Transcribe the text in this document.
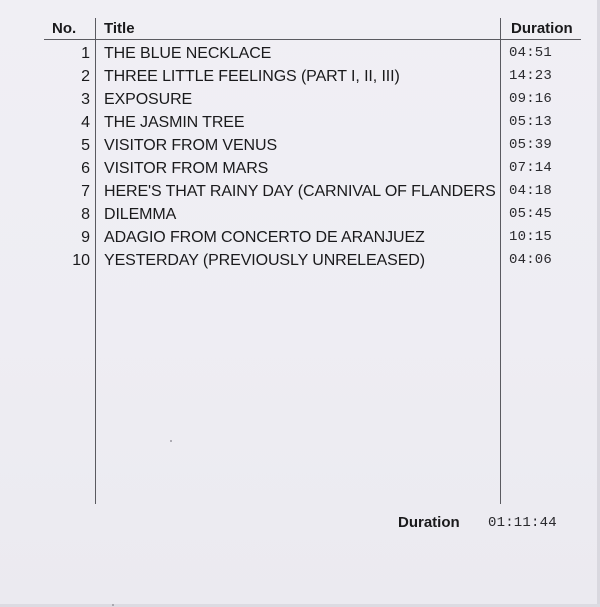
No.	Title	Duration
1 THE BLUE NECKLACE	04:51
2 THREE LITTLE FEELINGS (PART I, II, III)	14:23
3 EXPOSURE	09:16
4 THE JASMIN TREE	05:13
5 VISITOR FROM VENUS	05:39
6 VISITOR FROM MARS	07:14
7 HERE'S THAT RAINY DAY (CARNIVAL OF FLANDERS 04:18
8 DILEMMA	05:45
9 ADAGIO FROM CONCERTO DE ARANJUEZ	10:15
10 YESTERDAY (PREVIOUSLY UNRELEASED)	04:06
Duration 01:11:44
